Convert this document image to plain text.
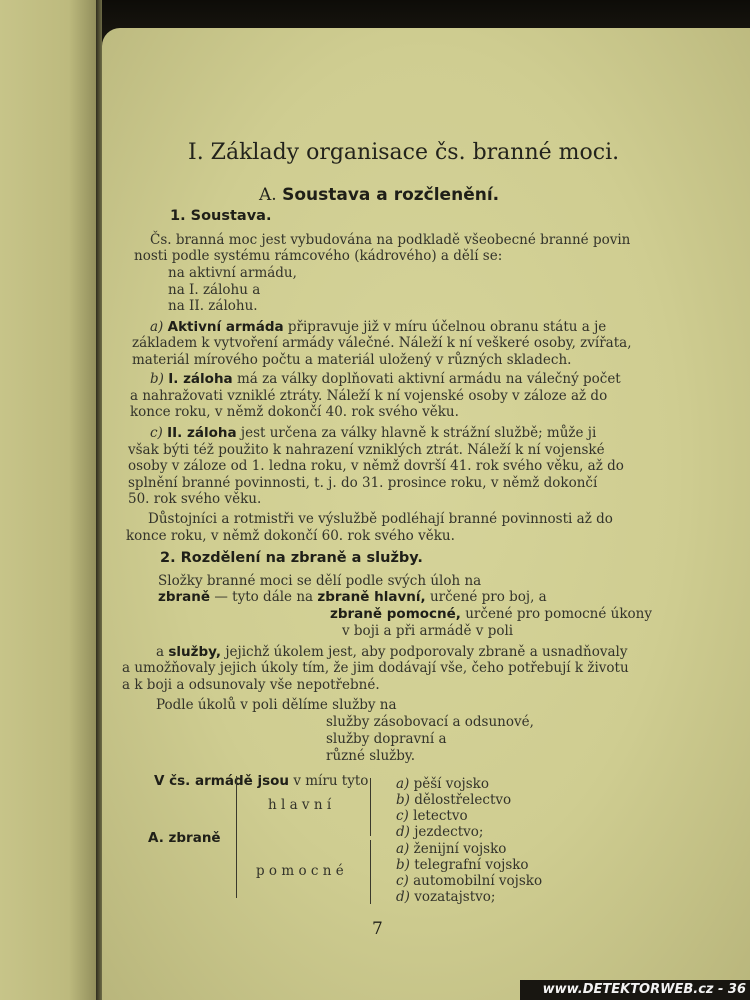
I. Základy organisace čs. branné moci.
A. Soustava a rozčlenění.
1. Soustava.
Čs. branná moc jest vybudována na podkladě všeobecné branné povin
nosti podle systému rámcového (kádrového) a dělí se:
na aktivní armádu,
na I. zálohu a
na II. zálohu.
a) Aktivní armáda připravuje již v míru účelnou obranu státu a je
základem k vytvoření armády válečné. Náleží k ní veškeré osoby, zvířata,
materiál mírového počtu a materiál uložený v různých skladech.
b) I. záloha má za války doplňovati aktivní armádu na válečný počet
a nahražovati vzniklé ztráty. Náleží k ní vojenské osoby v záloze až do
konce roku, v němž dokončí 40. rok svého věku.
c) II. záloha jest určena za války hlavně k strážní službě; může ji
však býti též použito k nahrazení vzniklých ztrát. Náleží k ní vojenské
osoby v záloze od 1. ledna roku, v němž dovrší 41. rok svého věku, až do
splnění branné povinnosti, t. j. do 31. prosince roku, v němž dokončí
50. rok svého věku.
Důstojníci a rotmistři ve výslužbě podléhají branné povinnosti až do
konce roku, v němž dokončí 60. rok svého věku.
2. Rozdělení na zbraně a služby.
Složky branné moci se dělí podle svých úloh na
zbraně — tyto dále na zbraně hlavní, určené pro boj, a
zbraně pomocné, určené pro pomocné úkony
v boji a při armádě v poli
a služby, jejichž úkolem jest, aby podporovaly zbraně a usnadňovaly
a umožňovaly jejich úkoly tím, že jim dodávají vše, čeho potřebují k životu
a k boji a odsunovaly vše nepotřebné.
Podle úkolů v poli dělíme služby na
služby zásobovací a odsunové,
služby dopravní a
různé služby.
V čs. armádě jsou v míru tyto
A. zbraně
h l a v n í
a) pěší vojsko
b) dělostřelectvo
c) letectvo
d) jezdectvo;
p o m o c n é
a) ženijní vojsko
b) telegrafní vojsko
c) automobilní vojsko
d) vozatajstvo;
7
www.DETEKTORWEB.cz - 36
